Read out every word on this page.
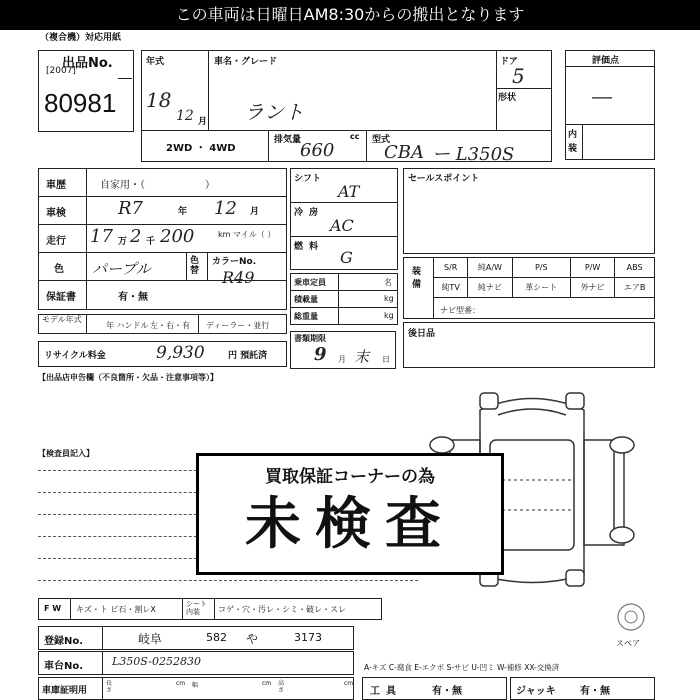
この車両は日曜日AM8:30からの搬出となります
（複合機）対応用紙
出品No.
[2007]
80981
年式
18
12 月
車名・グレード
ラント
ドア
5
形状
2WD ・ 4WD
排気量	cc
660	型式
CBA ー L350S
評価点
―
内装
車歴	自家用・（　　　　　　）
車検	R7	年 12 月
走行 17 万 2 千 200	km マイル（ ）
色 パープル	色替
カラーNo.
R49
保証書	有・無
モデル年式
年 ハンドル 左・右・有 ディーラー・並行
リサイクル料金	9,930	円 預託済
シフト
AT
冷房
AC
燃料
G
乗車定員	名
積載量	kg
総重量	kg
書類期限
9 月 末 日
セールスポイント
装備
S/R	純A/W	P/S	P/W	ABS
純TV	純ナビ	革シート	外ナビ	エアB
ナビ型番：
後日品
【出品店申告欄（不良箇所・欠品・注意事項等）】
【検査員記入】
スペア
買取保証コーナーの為
未検査
F W キズ・ト ビ石・割レX
シート 内装	コゲ・穴・汚レ・シミ・破レ・スレ
登録No.	岐阜	582 や	3173
車台No.	L350S-0252830	A-キズ C-腐食 E-エクボ S-サビ U-凹ミ W-補修 XX-交換済
車庫証明用
長さ
cm 幅	cm 高さ
cm
工具	有・無	ジャッキ 有・無
